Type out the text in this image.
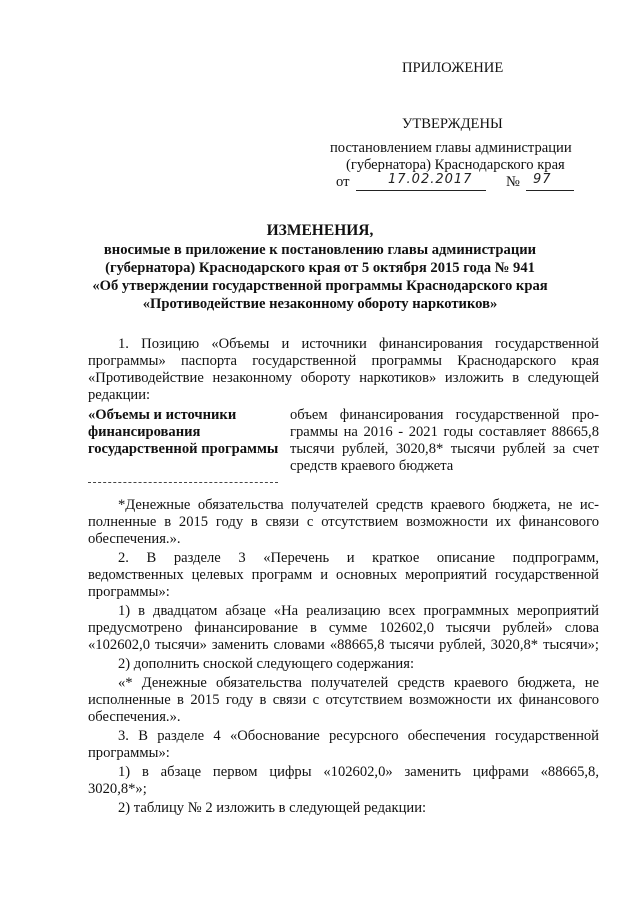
ПРИЛОЖЕНИЕ
УТВЕРЖДЕНЫ
постановлением главы администрации
(губернатора) Краснодарского края
от	17.02.2017 № 97
ИЗМЕНЕНИЯ,
вносимые в приложение к постановлению главы администрации
(губернатора) Краснодарского края от 5 октября 2015 года № 941
«Об утверждении государственной программы Краснодарского края
«Противодействие незаконному обороту наркотиков»
1. Позицию «Объемы и источники финансирования государственной
программы» паспорта государственной программы Краснодарского края
«Противодействие незаконному обороту наркотиков» изложить в следующей
редакции:
«Объемы и источники
финансирования
государственной программы
объем финансирования государственной про-
граммы на 2016 - 2021 годы составляет 88665,8
тысячи рублей, 3020,8* тысячи рублей за счет
средств краевого бюджета
*Денежные обязательства получателей средств краевого бюджета, не ис-
полненные в 2015 году в связи с отсутствием возможности их финансового
обеспечения.».
2. В разделе 3 «Перечень и краткое описание подпрограмм,
ведомственных целевых программ и основных мероприятий государственной
программы»:
1) в двадцатом абзаце «На реализацию всех программных мероприятий
предусмотрено финансирование в сумме 102602,0 тысячи рублей» слова
«102602,0 тысячи» заменить словами «88665,8 тысячи рублей, 3020,8* тысячи»;
2) дополнить сноской следующего содержания:
«* Денежные обязательства получателей средств краевого бюджета, не
исполненные в 2015 году в связи с отсутствием возможности их финансового
обеспечения.».
3. В разделе 4 «Обоснование ресурсного обеспечения государственной
программы»:
1) в абзаце первом цифры «102602,0» заменить цифрами «88665,8,
3020,8*»;
2) таблицу № 2 изложить в следующей редакции:
